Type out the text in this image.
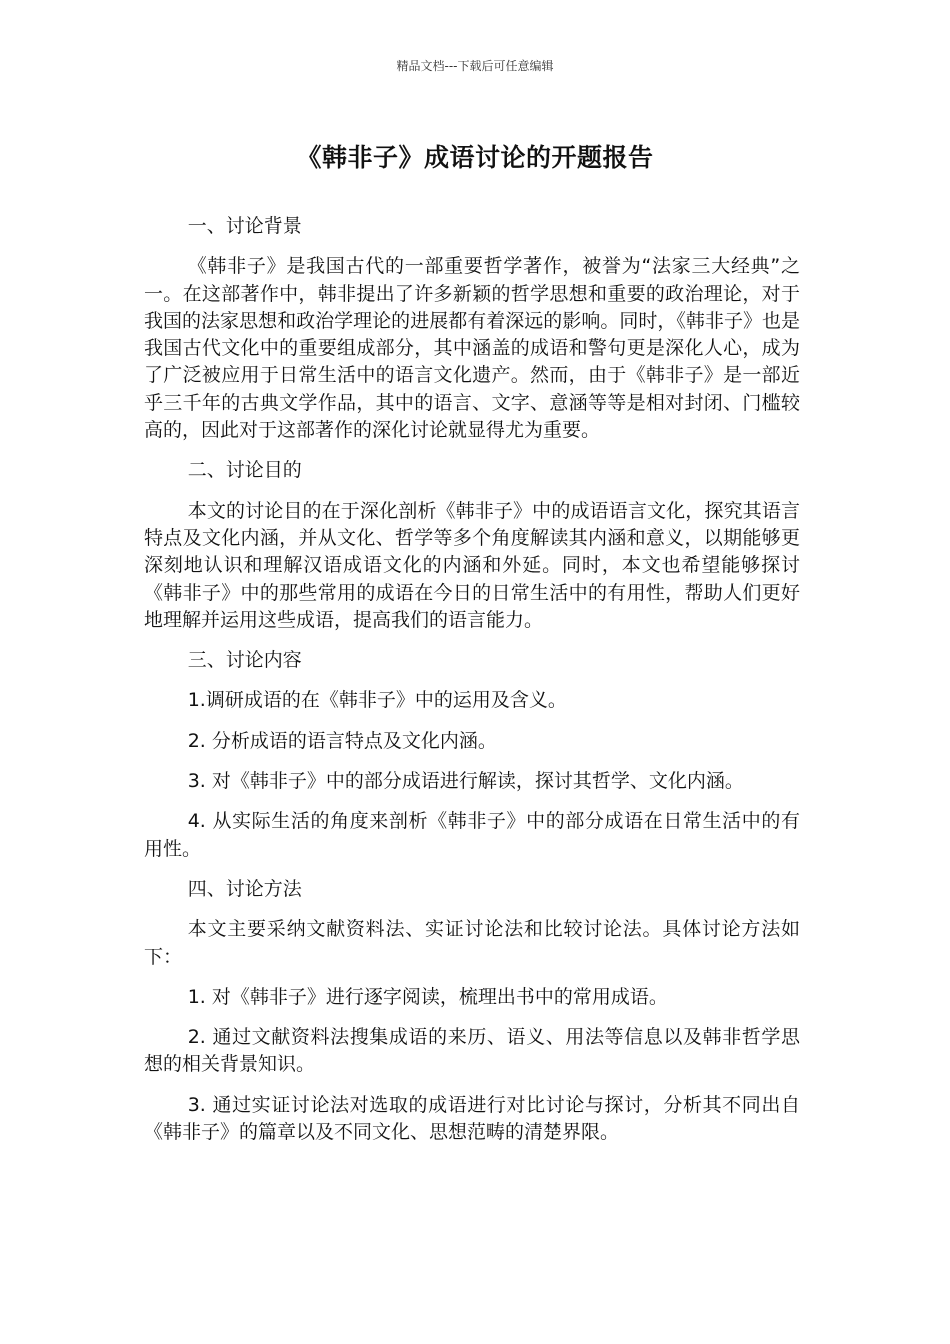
精品文档---下载后可任意编辑
《韩非子》成语讨论的开题报告

一、讨论背景

《韩非子》是我国古代的一部重要哲学著作，被誉为“法家三大经典”之一。在这部著作中，韩非提出了许多新颖的哲学思想和重要的政治理论，对于我国的法家思想和政治学理论的进展都有着深远的影响。同时，《韩非子》也是我国古代文化中的重要组成部分，其中涵盖的成语和警句更是深化人心，成为了广泛被应用于日常生活中的语言文化遗产。然而，由于《韩非子》是一部近乎三千年的古典文学作品，其中的语言、文字、意涵等等是相对封闭、门槛较高的，因此对于这部著作的深化讨论就显得尤为重要。

二、讨论目的

本文的讨论目的在于深化剖析《韩非子》中的成语语言文化，探究其语言特点及文化内涵，并从文化、哲学等多个角度解读其内涵和意义，以期能够更深刻地认识和理解汉语成语文化的内涵和外延。同时，本文也希望能够探讨《韩非子》中的那些常用的成语在今日的日常生活中的有用性，帮助人们更好地理解并运用这些成语，提高我们的语言能力。

三、讨论内容

1.调研成语的在《韩非子》中的运用及含义。

2. 分析成语的语言特点及文化内涵。

3. 对《韩非子》中的部分成语进行解读，探讨其哲学、文化内涵。

4. 从实际生活的角度来剖析《韩非子》中的部分成语在日常生活中的有用性。

四、讨论方法

本文主要采纳文献资料法、实证讨论法和比较讨论法。具体讨论方法如下：

1. 对《韩非子》进行逐字阅读，梳理出书中的常用成语。

2. 通过文献资料法搜集成语的来历、语义、用法等信息以及韩非哲学思想的相关背景知识。

3. 通过实证讨论法对选取的成语进行对比讨论与探讨，分析其不同出自《韩非子》的篇章以及不同文化、思想范畴的清楚界限。
